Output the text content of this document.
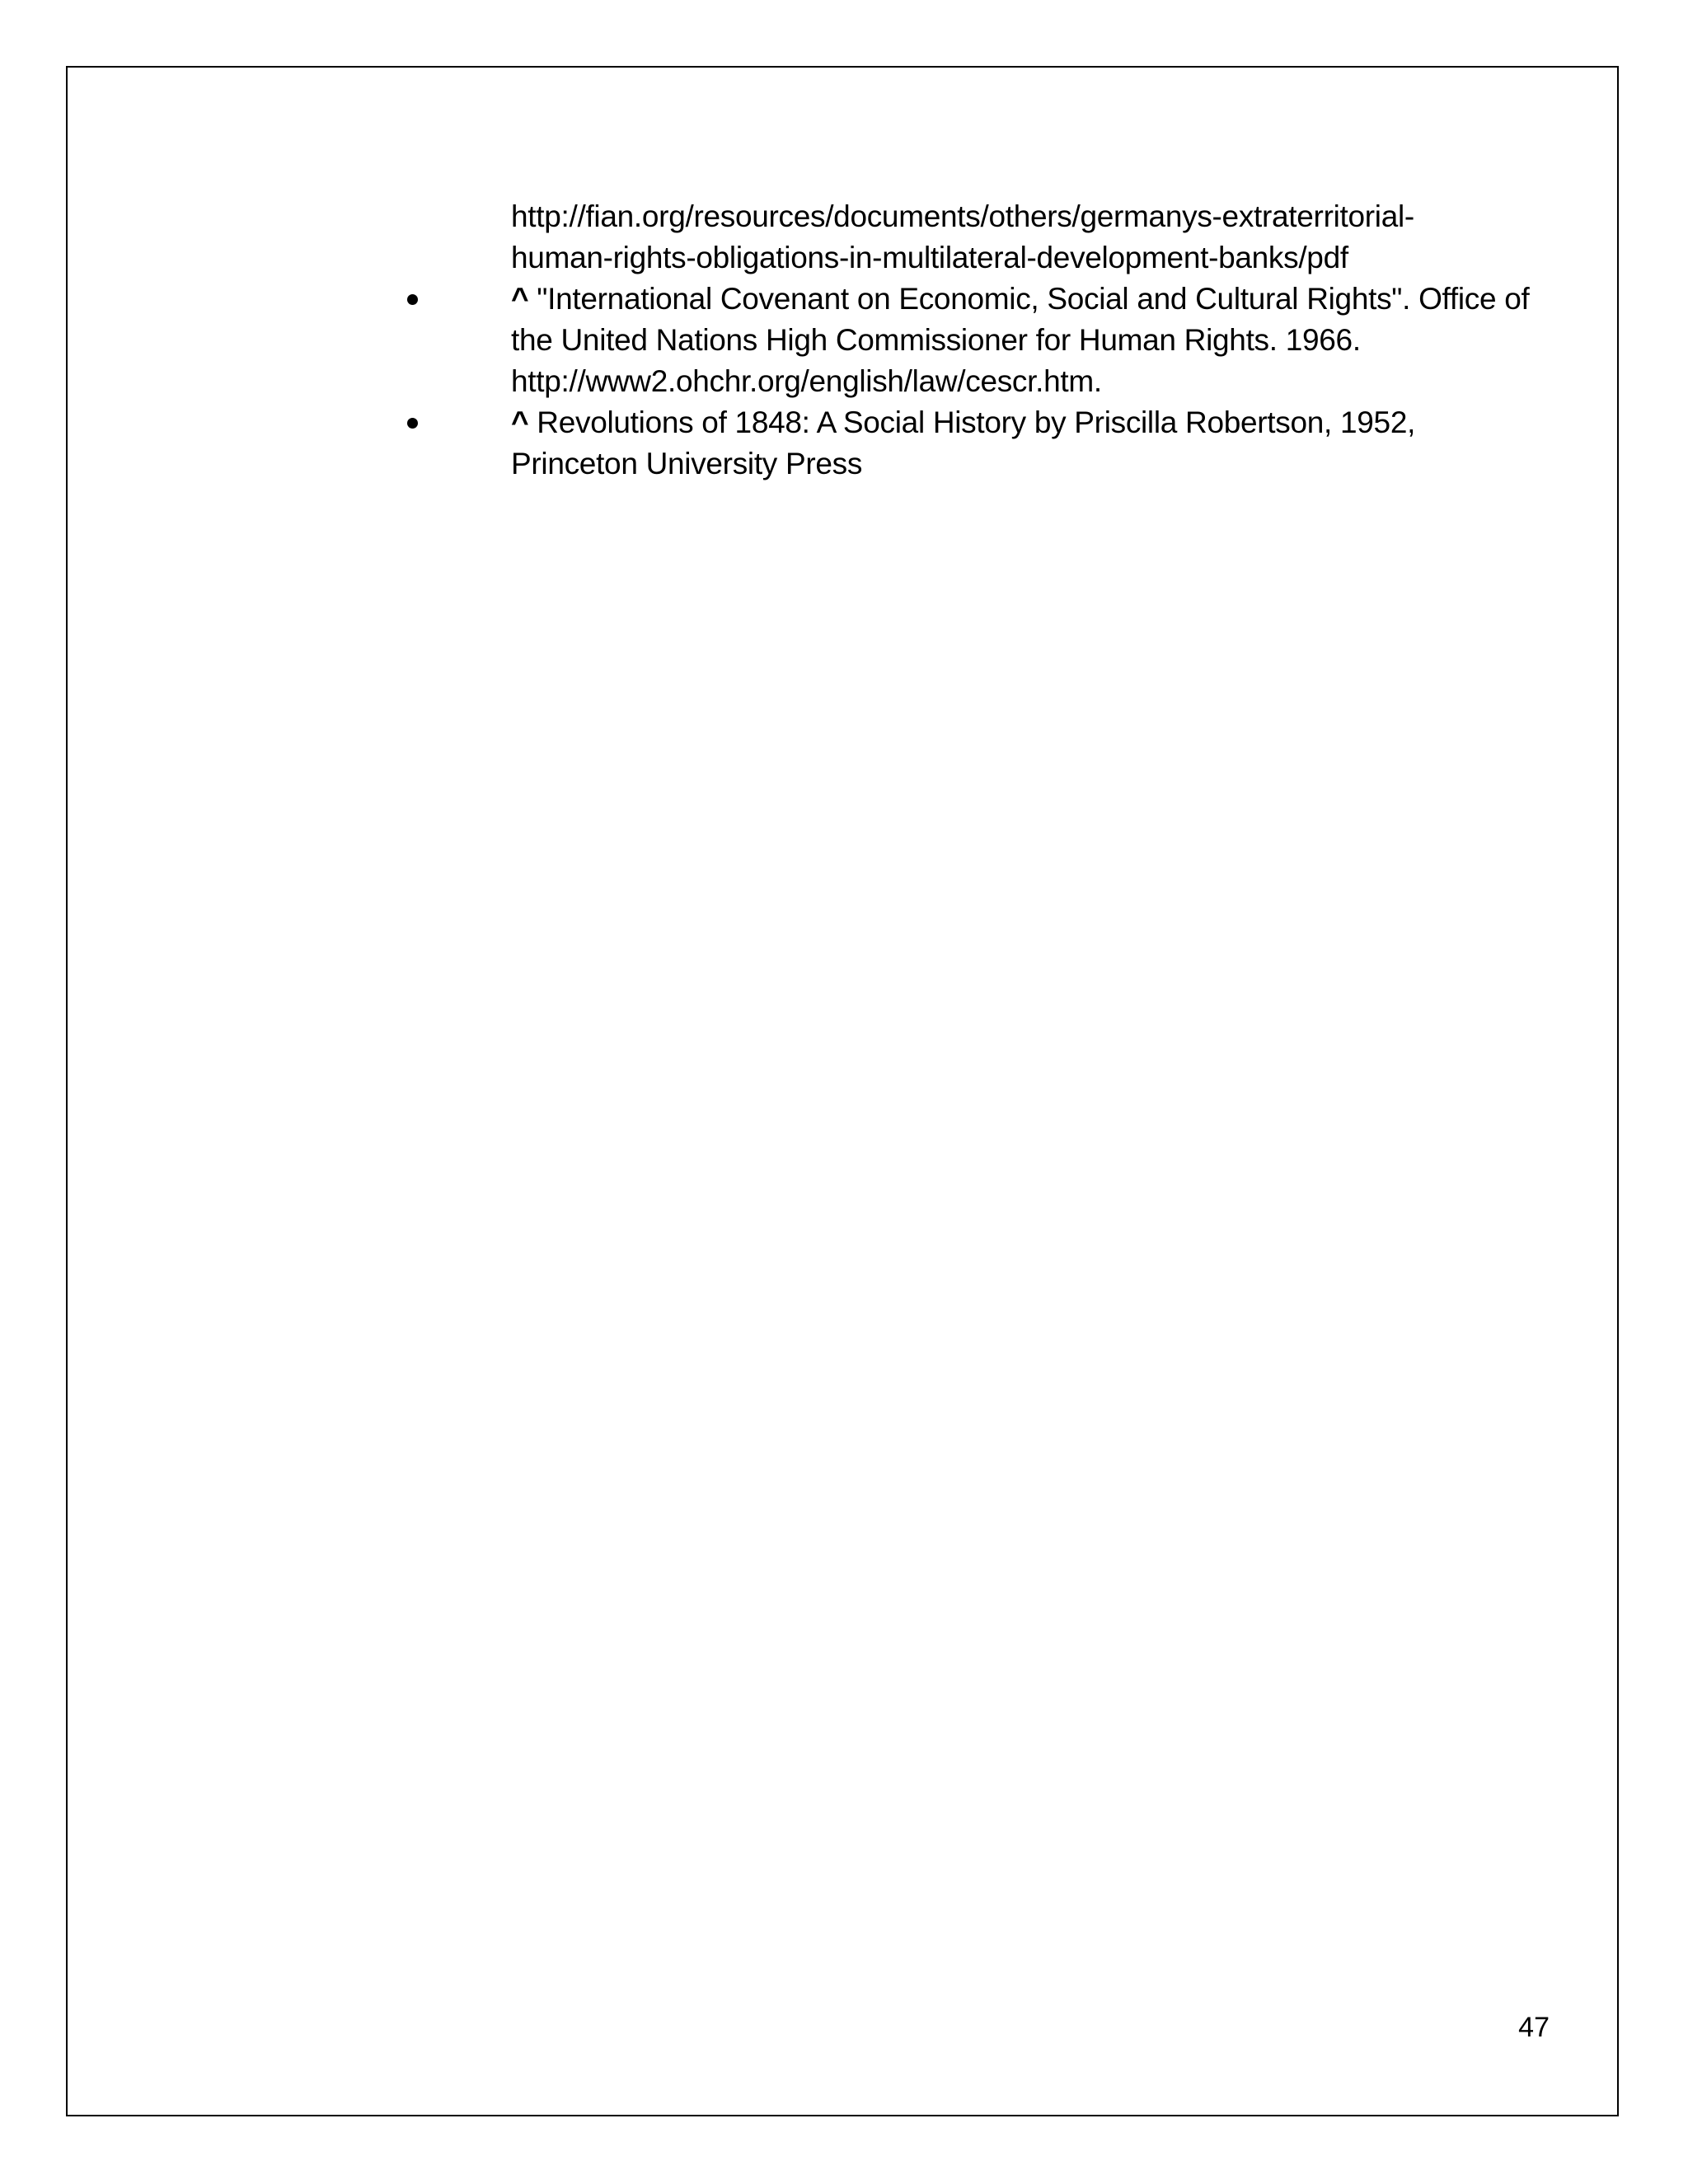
http://fian.org/resources/documents/others/germanys-extraterritorial-
human-rights-obligations-in-multilateral-development-banks/pdf
^ "International Covenant on Economic, Social and Cultural Rights". Office of
the United Nations High Commissioner for Human Rights. 1966.
http://www2.ohchr.org/english/law/cescr.htm.
^ Revolutions of 1848: A Social History by Priscilla Robertson, 1952,
Princeton University Press
47
